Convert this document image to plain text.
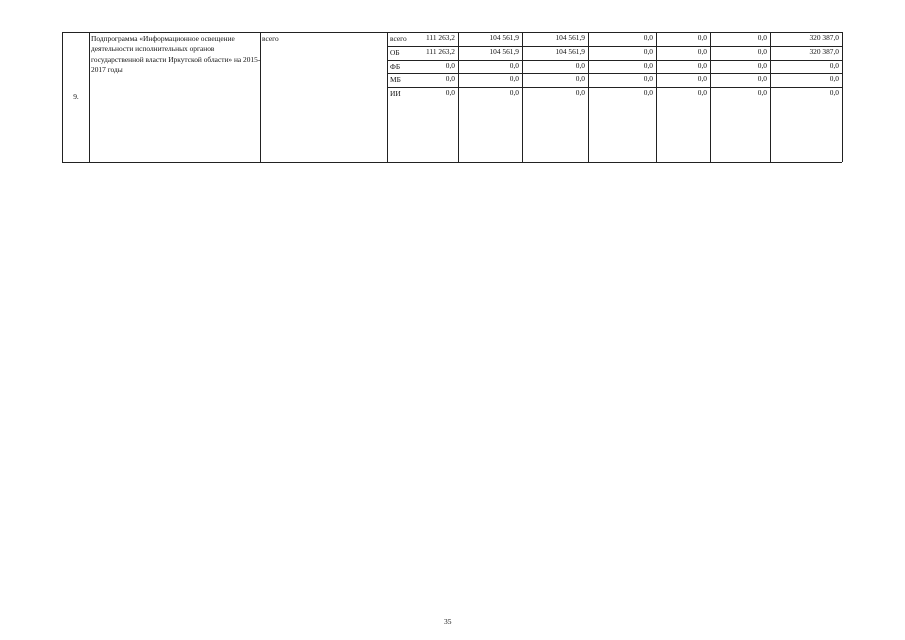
9.
Подпрограмма «Информационное освещение деятельности исполнительных органов государственной власти Иркутской области» на 2015-2017 годы
всего	всего	111 263,2	104 561,9	104 561,9	0,0	0,0	0,0	320 387,0
ОБ	111 263,2	104 561,9	104 561,9	0,0	0,0	0,0	320 387,0
ФБ	0,0	0,0	0,0	0,0	0,0	0,0	0,0
МБ	0,0	0,0	0,0	0,0	0,0	0,0	0,0
ИИ	0,0	0,0	0,0	0,0	0,0	0,0	0,0
35
